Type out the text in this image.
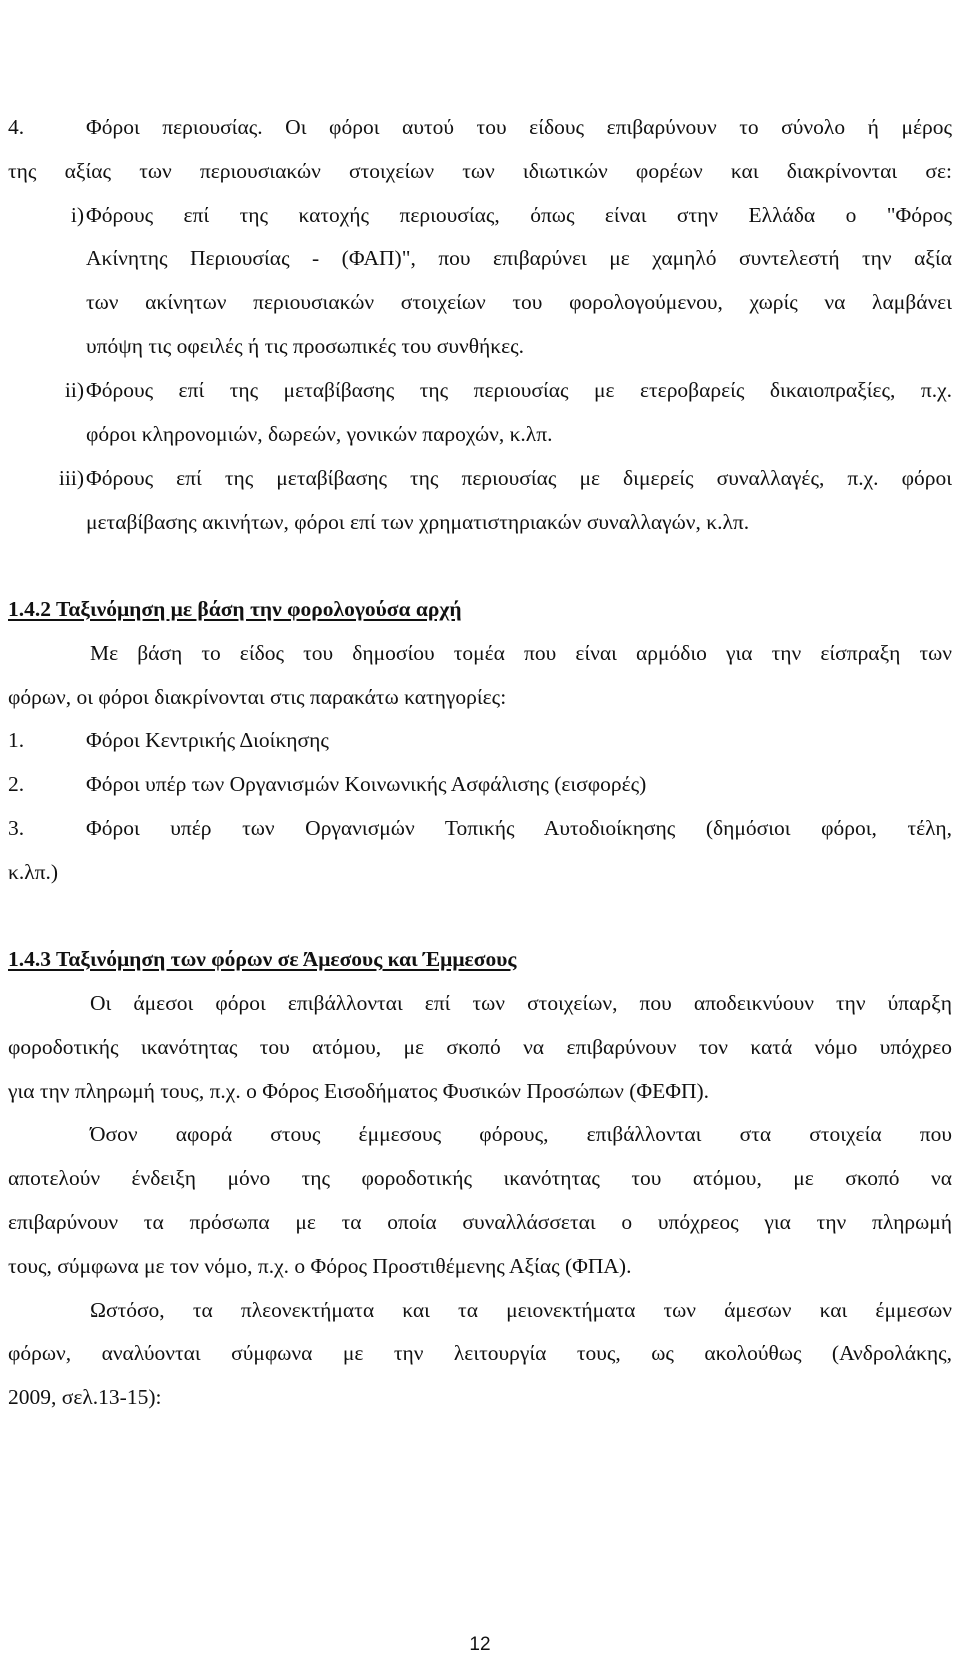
4.	Φόροι περιουσίας. Οι φόροι αυτού του είδους επιβαρύνουν το σύνολο ή μέρος
της αξίας των περιουσιακών στοιχείων των ιδιωτικών φορέων και διακρίνονται σε:
i) Φόρους επί της κατοχής περιουσίας, όπως είναι στην Ελλάδα ο "Φόρος
Ακίνητης Περιουσίας - (ΦΑΠ)", που επιβαρύνει με χαμηλό συντελεστή την αξία
των ακίνητων περιουσιακών στοιχείων του φορολογούμενου, χωρίς να λαμβάνει
υπόψη τις οφειλές ή τις προσωπικές του συνθήκες.
ii) Φόρους επί της μεταβίβασης της περιουσίας με ετεροβαρείς δικαιοπραξίες, π.χ.
φόροι κληρονομιών, δωρεών, γονικών παροχών, κ.λπ.
iii) Φόρους επί της μεταβίβασης της περιουσίας με διμερείς συναλλαγές, π.χ. φόροι
μεταβίβασης ακινήτων, φόροι επί των χρηματιστηριακών συναλλαγών, κ.λπ.
1.4.2 Ταξινόμηση με βάση την φορολογούσα αρχή
Με βάση το είδος του δημοσίου τομέα που είναι αρμόδιο για την είσπραξη των
φόρων, οι φόροι διακρίνονται στις παρακάτω κατηγορίες:
1.	Φόροι Κεντρικής Διοίκησης
2.	Φόροι υπέρ των Οργανισμών Κοινωνικής Ασφάλισης (εισφορές)
3.	Φόροι υπέρ των Οργανισμών Τοπικής Αυτοδιοίκησης (δημόσιοι φόροι, τέλη,
κ.λπ.)
1.4.3 Ταξινόμηση των φόρων σε Άμεσους και Έμμεσους
Οι άμεσοι φόροι επιβάλλονται επί των στοιχείων, που αποδεικνύουν την ύπαρξη
φοροδοτικής ικανότητας του ατόμου, με σκοπό να επιβαρύνουν τον κατά νόμο υπόχρεο
για την πληρωμή τους, π.χ. ο Φόρος Εισοδήματος Φυσικών Προσώπων (ΦΕΦΠ).
Όσον αφορά στους έμμεσους φόρους, επιβάλλονται στα στοιχεία που
αποτελούν ένδειξη μόνο της φοροδοτικής ικανότητας του ατόμου, με σκοπό να
επιβαρύνουν τα πρόσωπα με τα οποία συναλλάσσεται ο υπόχρεος για την πληρωμή
τους, σύμφωνα με τον νόμο, π.χ. ο Φόρος Προστιθέμενης Αξίας (ΦΠΑ).
Ωστόσο, τα πλεονεκτήματα και τα μειονεκτήματα των άμεσων και έμμεσων
φόρων, αναλύονται σύμφωνα με την λειτουργία τους, ως ακολούθως (Ανδρολάκης,
2009, σελ.13-15):
12
